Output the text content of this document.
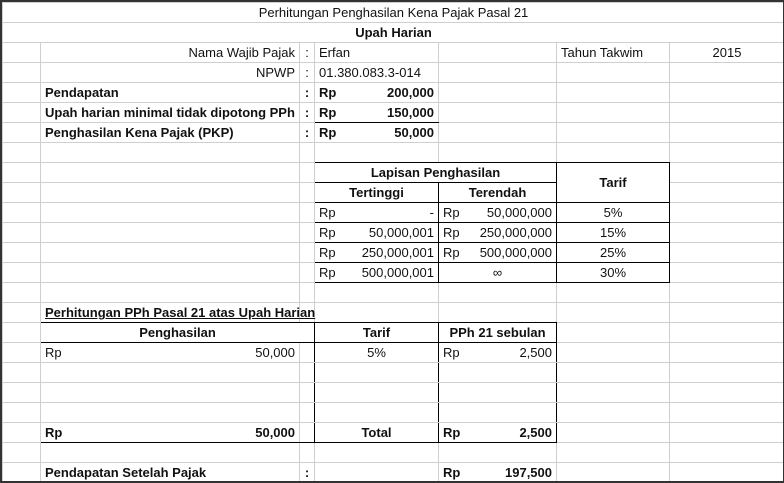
Perhitungan Penghasilan Kena Pajak Pasal 21						
Upah Harian						
	Nama Wajib Pajak	:	Erfan		Tahun Takwim	2015
	NPWP	:	01.380.083.3-014			
	Pendapatan	:	Rp 200,000			

	Upah harian minimal tidak dipotong PPh	:	Rp 150,000			

	Penghasilan Kena Pajak (PKP)	:	Rp 50,000			

			Lapisan Penghasilan		Tarif	
			Tertinggi	Terendah		

			Rp -	Rp 50,000,000	5%	

			Rp 50,000,001	Rp 250,000,000	15%	

			Rp 250,000,001	Rp 500,000,000	25%	

			Rp 500,000,001	∞	30%	

	Perhitungan PPh Pasal 21 atas Upah Harian					
	Penghasilan		Tarif	PPh 21 sebulan		

	Rp 50,000		5%	Rp 2,500		

	Rp 50,000		Total	Rp 2,500		

	Pendapatan Setelah Pajak	:		Rp 197,500		
